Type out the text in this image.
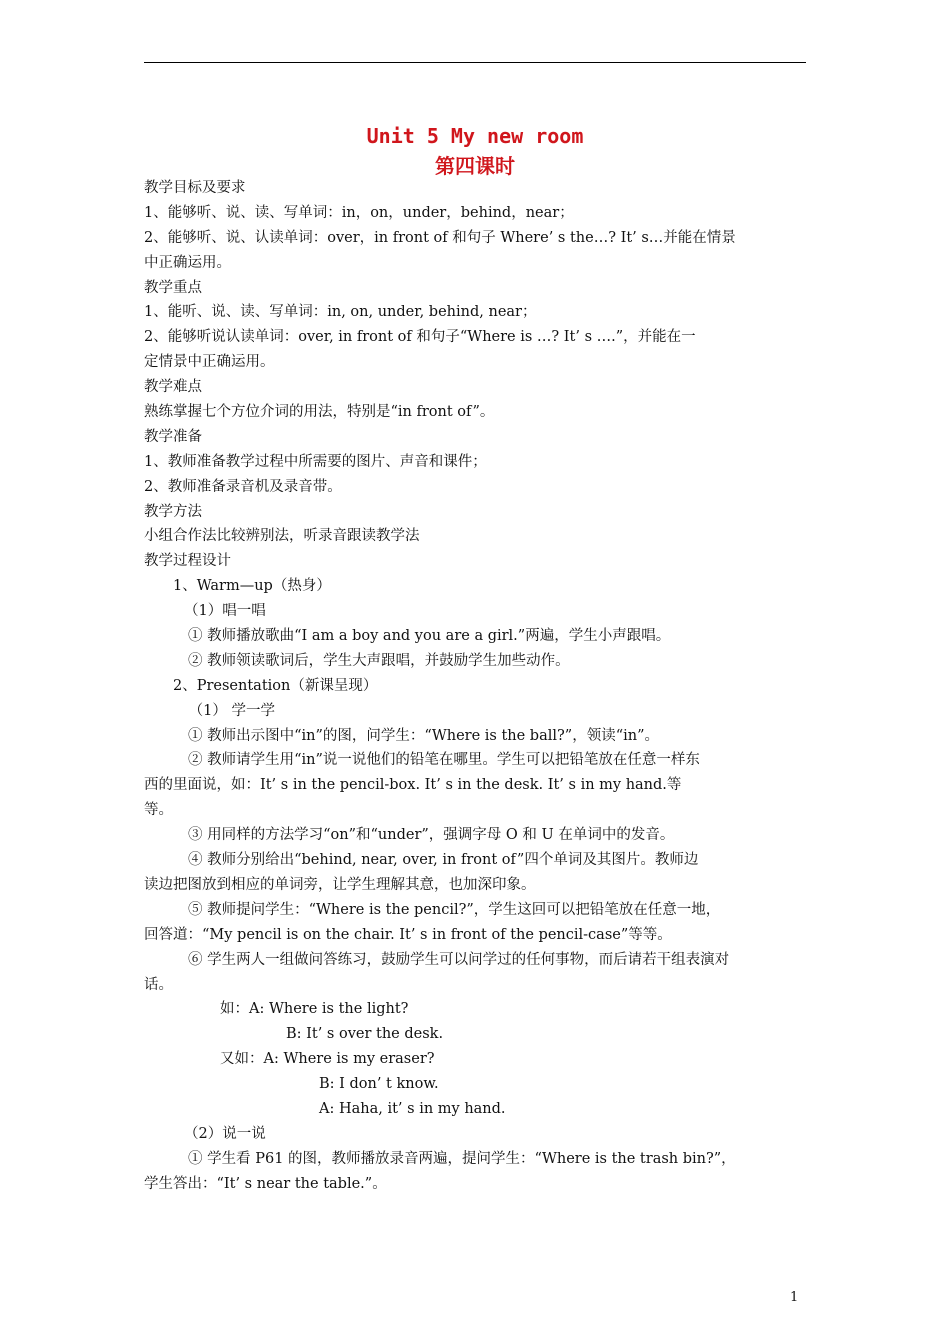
Unit 5 My new room
第四课时
教学目标及要求
1、能够听、说、读、写单词：in，on，under，behind，near；
2、能够听、说、认读单词：over，in front of 和句子 Where’ s the…? It’ s…并能在情景
中正确运用。
教学重点
1、能听、说、读、写单词：in, on, under, behind, near；
2、能够听说认读单词：over, in front of 和句子“Where is …? It’ s ….”，并能在一
定情景中正确运用。
教学难点
熟练掌握七个方位介词的用法，特别是“in front of”。
教学准备
1、教师准备教学过程中所需要的图片、声音和课件；
2、教师准备录音机及录音带。
教学方法
小组合作法比较辨别法，听录音跟读教学法
教学过程设计
1、Warm—up（热身）
（1）唱一唱
① 教师播放歌曲“I am a boy and you are a girl.”两遍，学生小声跟唱。
② 教师领读歌词后，学生大声跟唱，并鼓励学生加些动作。
2、Presentation（新课呈现）
（1） 学一学
① 教师出示图中“in”的图，问学生：“Where is the ball?”，领读“in”。
② 教师请学生用“in”说一说他们的铅笔在哪里。学生可以把铅笔放在任意一样东
西的里面说，如：It’ s in the pencil-box. It’ s in the desk. It’ s in my hand.等
等。
③ 用同样的方法学习“on”和“under”，强调字母 O 和 U 在单词中的发音。
④ 教师分别给出“behind, near, over, in front of”四个单词及其图片。教师边
读边把图放到相应的单词旁，让学生理解其意，也加深印象。
⑤ 教师提问学生：“Where is the pencil?”，学生这回可以把铅笔放在任意一地，
回答道：“My pencil is on the chair. It’ s in front of the pencil-case”等等。
⑥ 学生两人一组做问答练习，鼓励学生可以问学过的任何事物，而后请若干组表演对
话。
如：A: Where is the light?
B: It’ s over the desk.
又如：A: Where is my eraser?
B: I don’ t know.
A: Haha, it’ s in my hand.
（2）说一说
① 学生看 P61 的图，教师播放录音两遍，提问学生：“Where is the trash bin?”，
学生答出：“It’ s near the table.”。
1
